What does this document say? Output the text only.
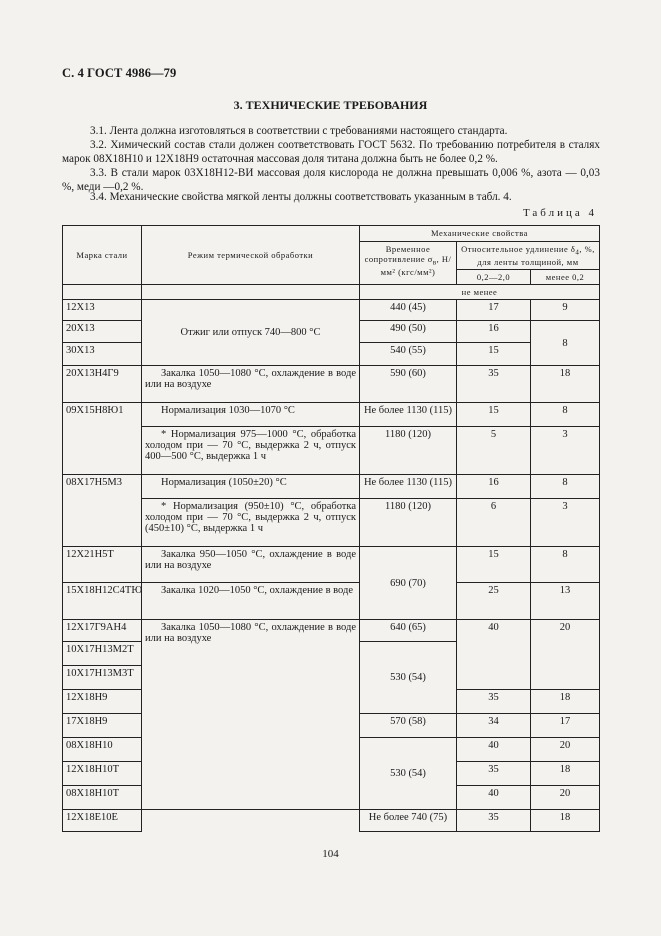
С. 4 ГОСТ 4986—79
3. ТЕХНИЧЕСКИЕ ТРЕБОВАНИЯ
3.1. Лента должна изготовляться в соответствии с требованиями настоящего стандарта.
3.2. Химический состав стали должен соответствовать ГОСТ 5632. По требованию потребителя в сталях марок 08Х18Н10 и 12Х18Н9 остаточная массовая доля титана должна быть не более 0,2 %.
3.3. В стали марок 03Х18Н12-ВИ массовая доля кислорода не должна превышать 0,006 %, азота — 0,03 %, меди —0,2 %.
3.4. Механические свойства мягкой ленты должны соответствовать указанным в табл. 4.
Таблица 4
Марка стали	Режим термической обработки	Механические свойства		
		Временное сопротивление $\sigma_в$, Н/мм² (кгс/мм²)	Относительное удлинение $\delta_4$, %, для ленты толщиной, мм	
			0,2—2,0	менее 0,2
		не менее		
12Х13	Отжиг или отпуск 740—800 °С	440 (45)	17	9
20Х13		490 (50)	16	8
30Х13		540 (55)	15	
20Х13Н4Г9	Закалка 1050—1080 °С, охлаждение в воде или на воздухе	590 (60)	35	18
09Х15Н8Ю1	Нормализация 1030—1070 °С	Не более 1130 (115)	15	8
	* Нормализация 975—1000 °С, обработка холодом при — 70 °С, выдержка 2 ч, отпуск 400—500 °С, выдержка 1 ч	1180 (120)	5	3
08Х17Н5М3	Нормализация (1050±20) °С	Не более 1130 (115)	16	8
	* Нормализация (950±10) °С, обработка холодом при — 70 °С, выдержка 2 ч, отпуск (450±10) °С, выдержка 1 ч	1180 (120)	6	3
12Х21Н5Т	Закалка 950—1050 °С, охлаждение в воде или на воздухе	690 (70)	15	8
15Х18Н12С4ТЮ	Закалка 1020—1050 °С, охлаждение в воде		25	13
12Х17Г9АН4	Закалка 1050—1080 °С, охлаждение в воде или на воздухе	640 (65)	40	20
10Х17Н13М2Т		530 (54)		
10Х17Н13М3Т				
12Х18Н9			35	18
17Х18Н9		570 (58)	34	17
08Х18Н10		530 (54)	40	20
12Х18Н10Т			35	18
08Х18Н10Т			40	20
12Х18Е10Е		Не более 740 (75)	35	18
104
